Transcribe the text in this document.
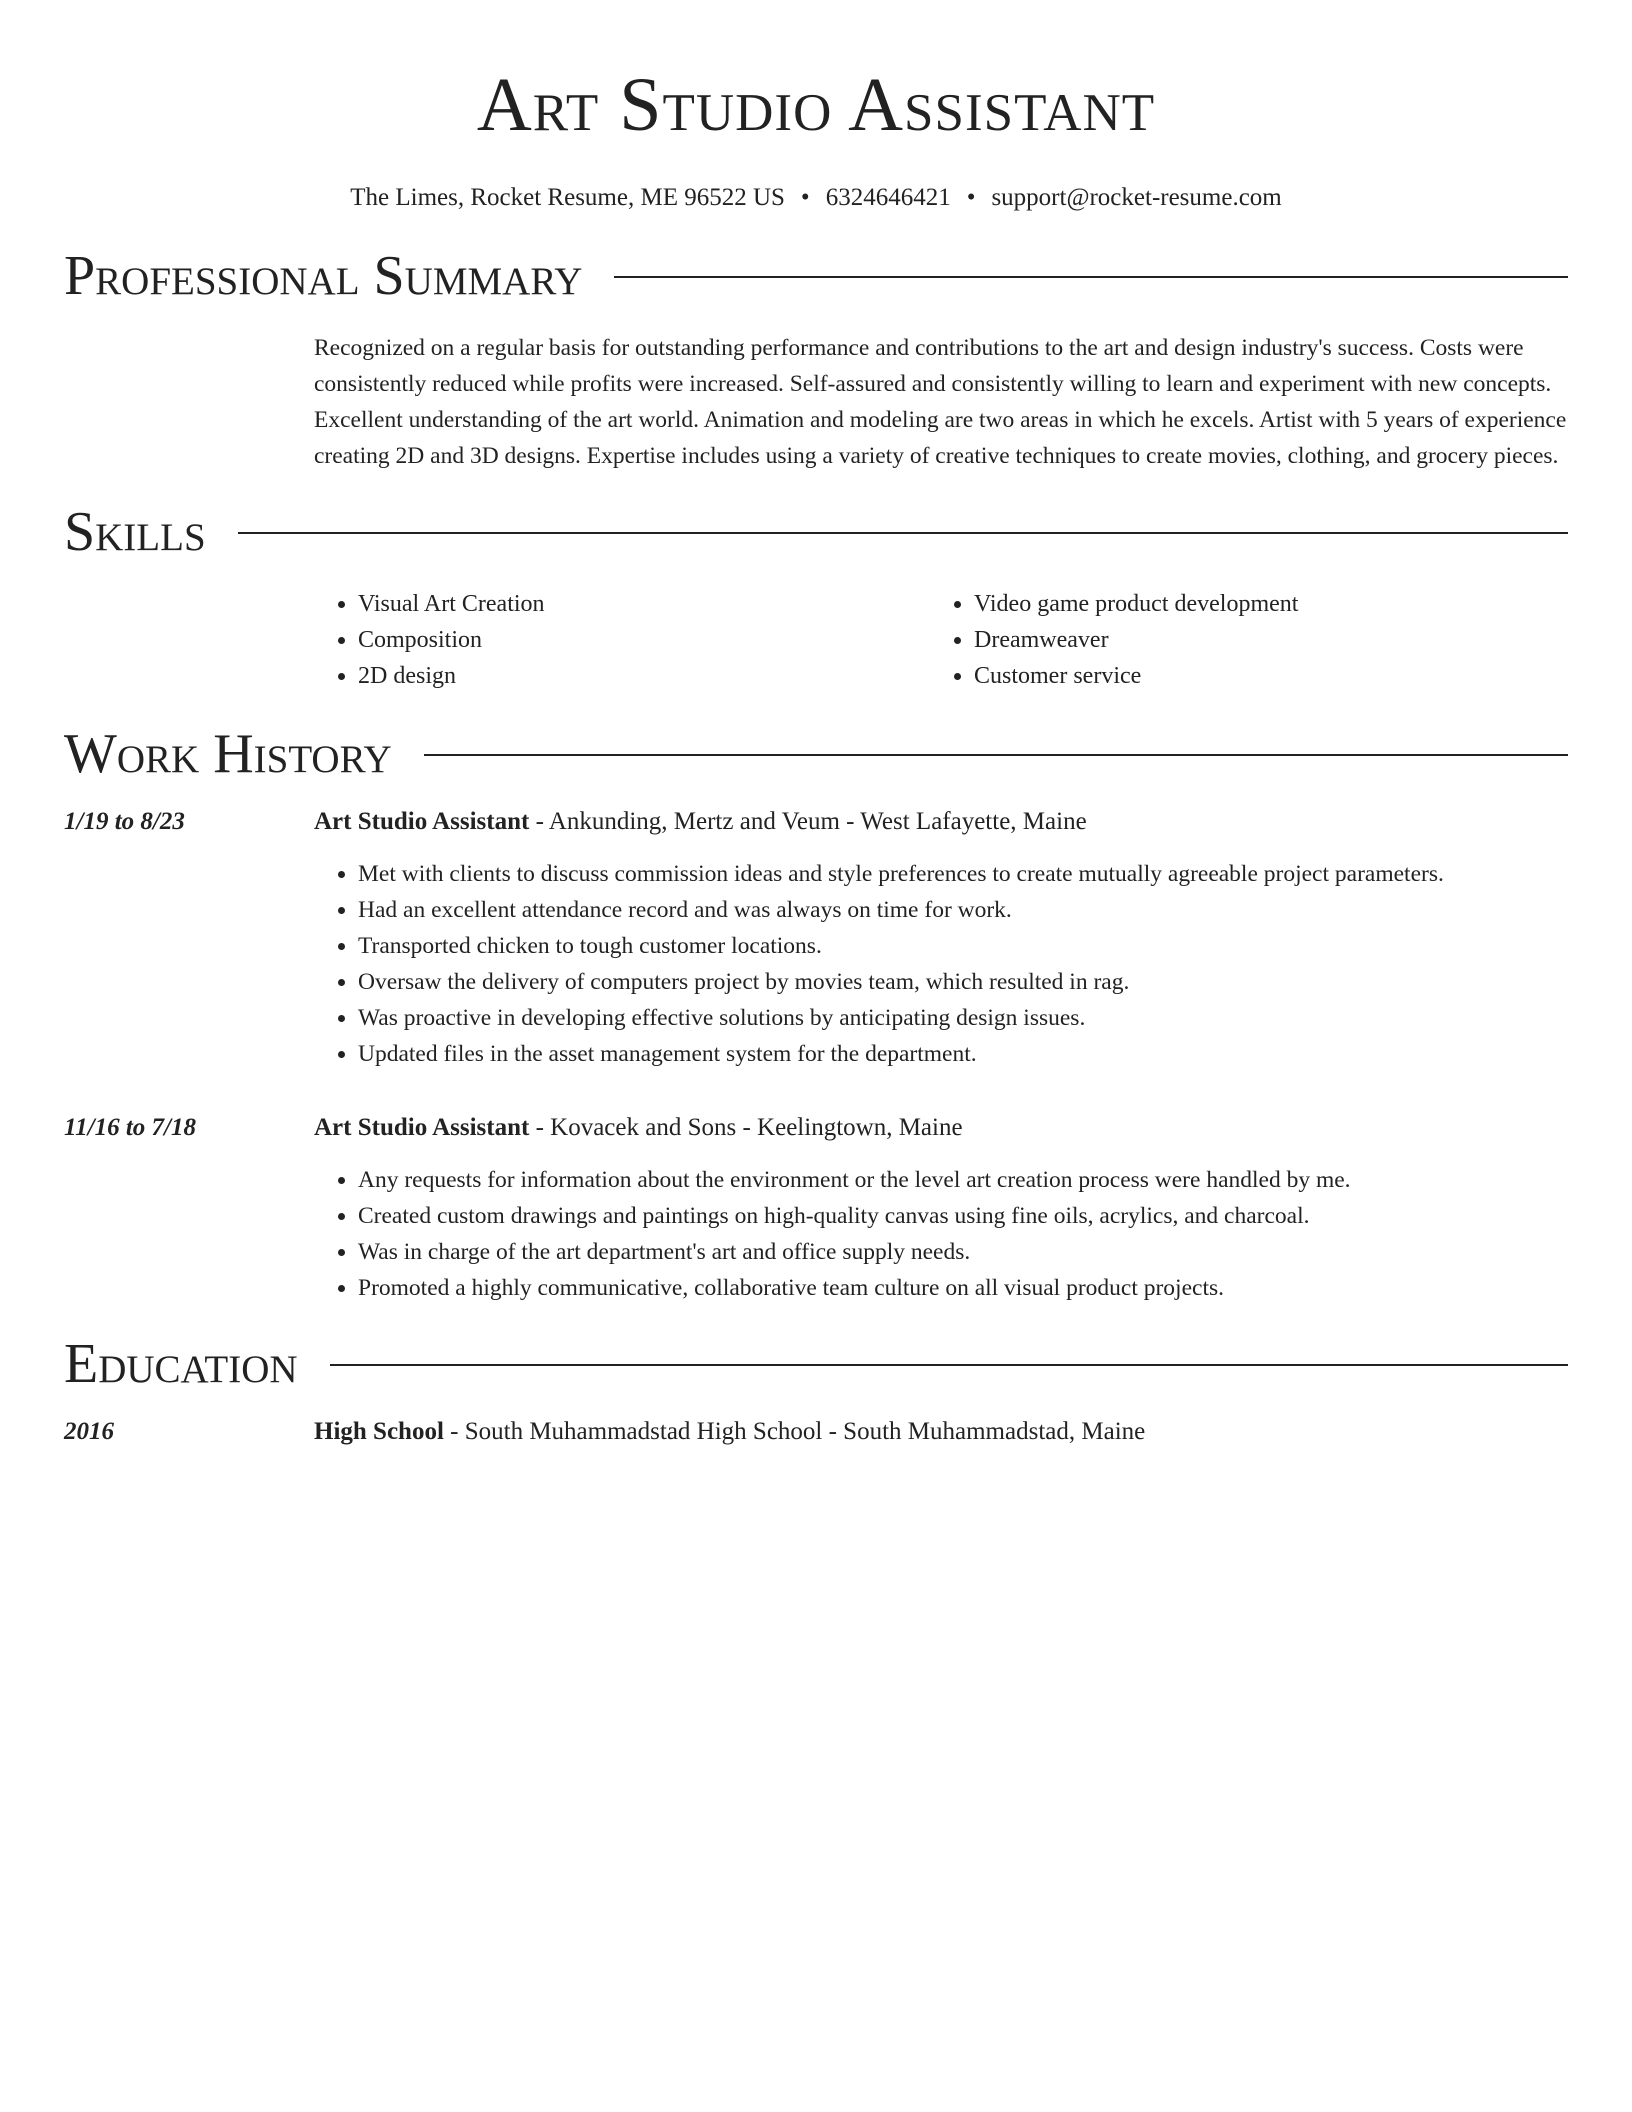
Art Studio Assistant
The Limes, Rocket Resume, ME 96522 US • 6324646421 • support@rocket-resume.com
Professional Summary
Recognized on a regular basis for outstanding performance and contributions to the art and design industry's success. Costs were consistently reduced while profits were increased. Self-assured and consistently willing to learn and experiment with new concepts. Excellent understanding of the art world. Animation and modeling are two areas in which he excels. Artist with 5 years of experience creating 2D and 3D designs. Expertise includes using a variety of creative techniques to create movies, clothing, and grocery pieces.
Skills
• Visual Art Creation
• Composition
• 2D design
• Video game product development
• Dreamweaver
• Customer service
Work History
1/19 to 8/23	Art Studio Assistant - Ankunding, Mertz and Veum - West Lafayette, Maine
• Met with clients to discuss commission ideas and style preferences to create mutually agreeable project parameters.
• Had an excellent attendance record and was always on time for work.
• Transported chicken to tough customer locations.
• Oversaw the delivery of computers project by movies team, which resulted in rag.
• Was proactive in developing effective solutions by anticipating design issues.
• Updated files in the asset management system for the department.
11/16 to 7/18	Art Studio Assistant - Kovacek and Sons - Keelingtown, Maine
• Any requests for information about the environment or the level art creation process were handled by me.
• Created custom drawings and paintings on high-quality canvas using fine oils, acrylics, and charcoal.
• Was in charge of the art department's art and office supply needs.
• Promoted a highly communicative, collaborative team culture on all visual product projects.
Education
2016	High School - South Muhammadstad High School - South Muhammadstad, Maine
